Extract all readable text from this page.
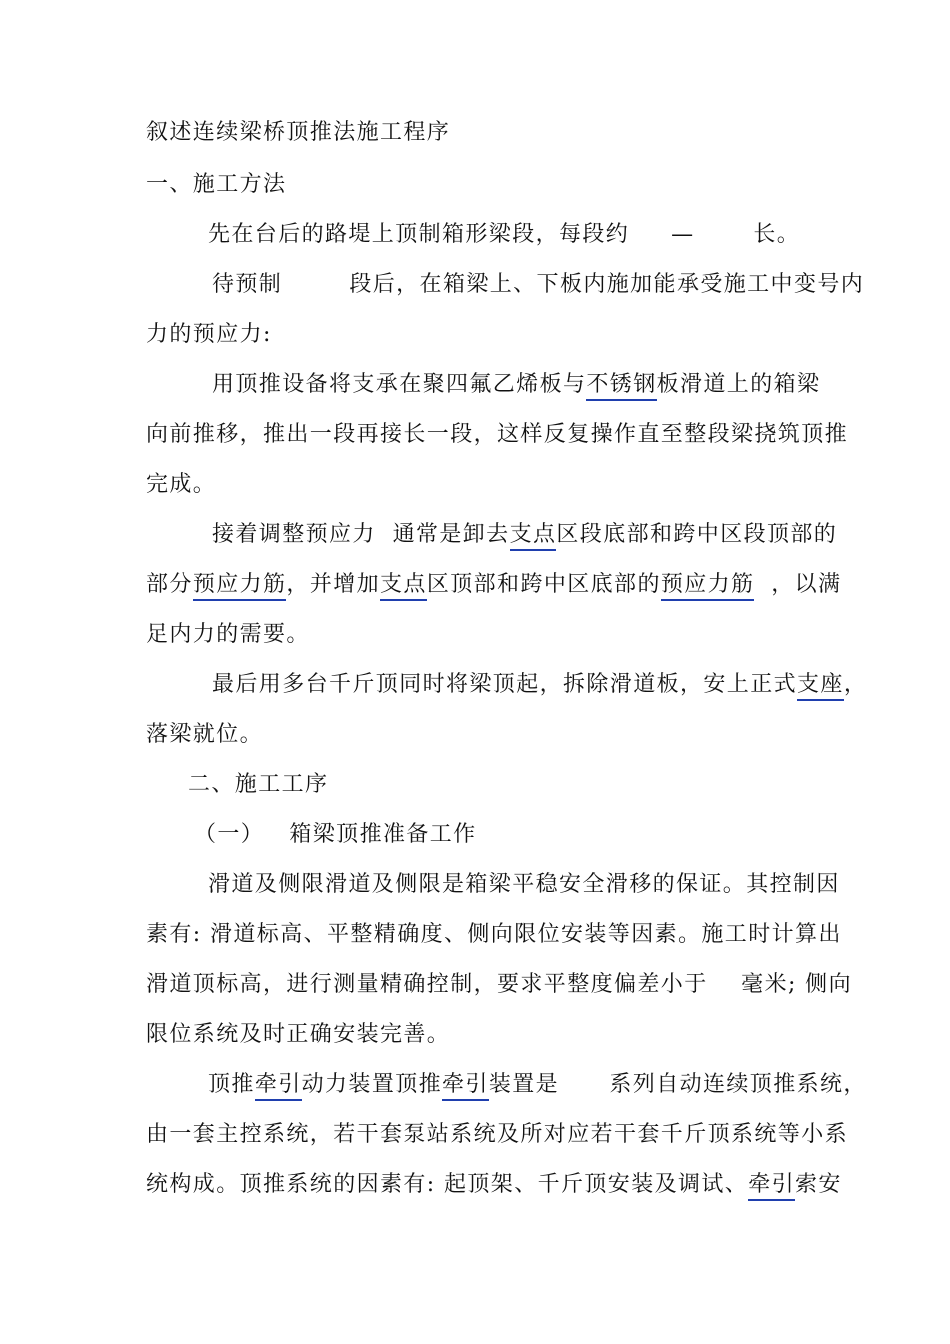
叙述连续梁桥顶推法施工程序
一、施工方法
先在台后的路堤上顶制箱形梁段，每段约     —       长。
待预制        段后，在箱梁上、下板内施加能承受施工中变号内
力的预应力:
用顶推设备将支承在聚四氟乙烯板与不锈钢板滑道上的箱梁
向前推移，推出一段再接长一段，这样反复操作直至整段梁挠筑顶推
完成。
接着调整预应力  通常是卸去支点区段底部和跨中区段顶部的
部分预应力筋，并增加支点区顶部和跨中区底部的预应力筋  ，以满
足内力的需要。
最后用多台千斤顶同时将梁顶起，拆除滑道板，安上正式支座，
落梁就位。
二、施工工序
（一）   箱梁顶推准备工作
滑道及侧限滑道及侧限是箱梁平稳安全滑移的保证。其控制因
素有: 滑道标高、平整精确度、侧向限位安装等因素。施工时计算出
滑道顶标高，进行测量精确控制，要求平整度偏差小于    毫米; 侧向
限位系统及时正确安装完善。
顶推牵引动力装置顶推牵引装置是      系列自动连续顶推系统，
由一套主控系统，若干套泵站系统及所对应若干套千斤顶系统等小系
统构成。顶推系统的因素有: 起顶架、千斤顶安装及调试、牵引索安
